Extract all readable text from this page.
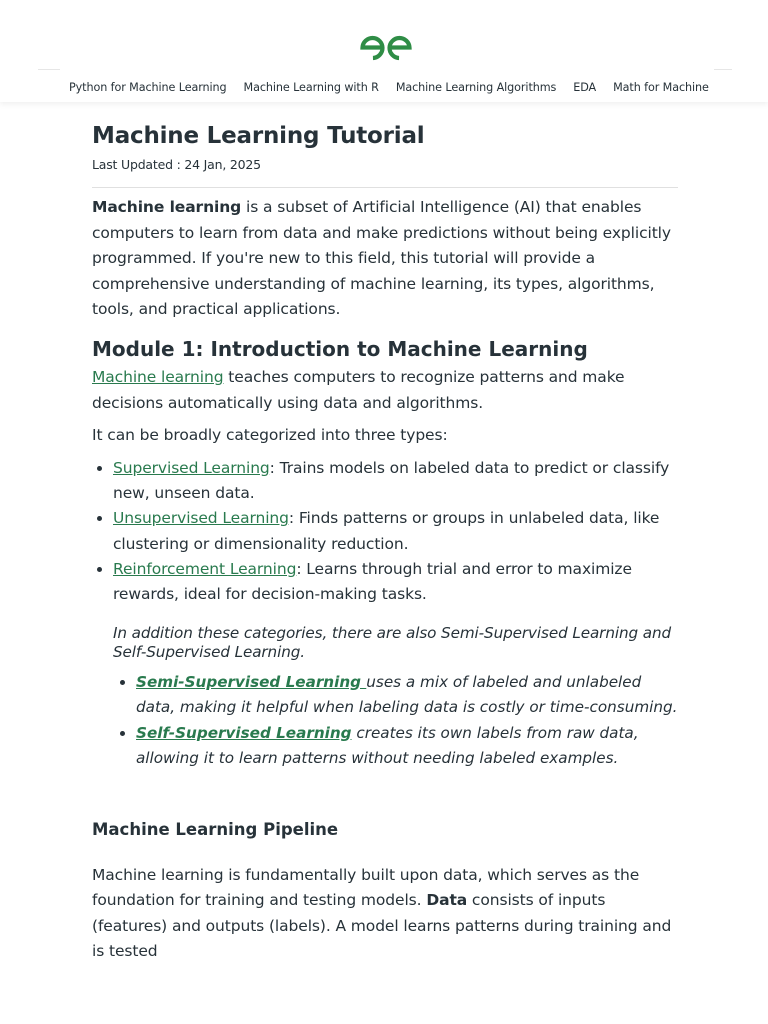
Python for Machine Learning Machine Learning with R Machine Learning Algorithms EDA Math for Machine
Machine Learning Tutorial
Last Updated : 24 Jan, 2025

Machine learning is a subset of Artificial Intelligence (AI) that enables computers to learn from data and make predictions without being explicitly programmed. If you're new to this field, this tutorial will provide a comprehensive understanding of machine learning, its types, algorithms, tools, and practical applications.

Module 1: Introduction to Machine Learning

Machine learning teaches computers to recognize patterns and make decisions automatically using data and algorithms.

It can be broadly categorized into three types:

• Supervised Learning: Trains models on labeled data to predict or classify new, unseen data.
• Unsupervised Learning: Finds patterns or groups in unlabeled data, like clustering or dimensionality reduction.
• Reinforcement Learning: Learns through trial and error to maximize rewards, ideal for decision-making tasks.

In addition these categories, there are also Semi-Supervised Learning and Self-Supervised Learning.

• Semi-Supervised Learning uses a mix of labeled and unlabeled data, making it helpful when labeling data is costly or time-consuming.
• Self-Supervised Learning creates its own labels from raw data, allowing it to learn patterns without needing labeled examples.
Machine Learning Pipeline

Machine learning is fundamentally built upon data, which serves as the foundation for training and testing models. Data consists of inputs (features) and outputs (labels). A model learns patterns during training and is tested
